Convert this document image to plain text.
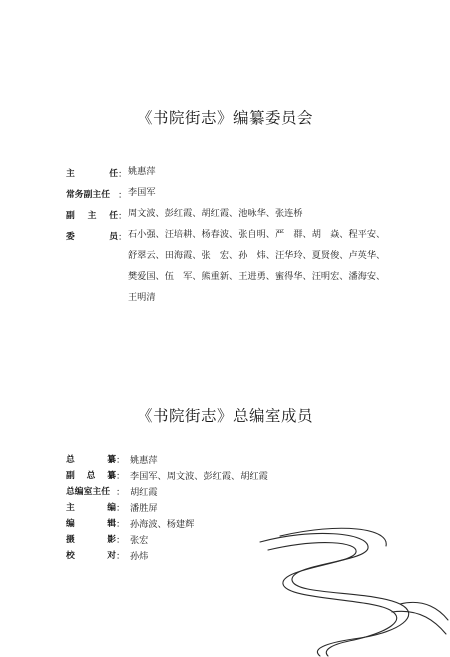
《书院街志》编纂委员会
主	任 ： 姚惠萍
常务副主任 ： 李国军
副 主 任 ： 周文波、彭红霞、胡红霞、池咏华、张连桥
委	员 ： 石小强、汪培耕、杨春波、张自明、严　群、胡　焱、程平安、
舒翠云、田海霞、张　宏、孙　炜、汪华玲、夏贤俊、卢英华、
樊爱国、伍　军、熊重新、王进勇、蜜得华、汪明宏、潘海安、
王明清
《书院街志》总编室成员
总	纂 ： 姚惠萍
副 总 纂 ： 李国军、周文波、彭红霞、胡红霞
总编室主任 ： 胡红霞
主	编 ： 潘胜屏
编	辑 ： 孙海波、杨建辉
摄	影 ： 张宏
校	对 ： 孙炜
